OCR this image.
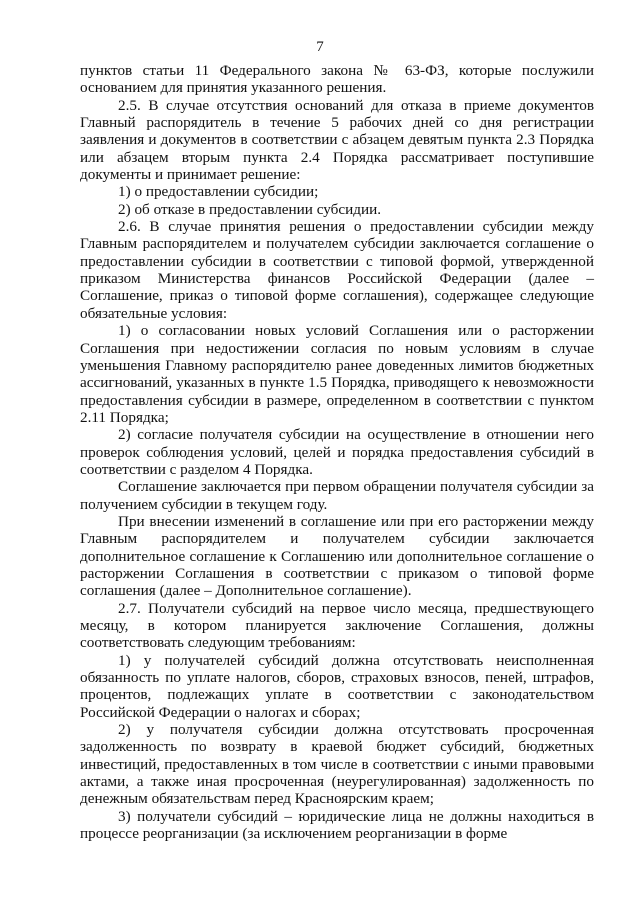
7

пунктов статьи 11 Федерального закона № 63-ФЗ, которые послужили основанием для принятия указанного решения.

2.5. В случае отсутствия оснований для отказа в приеме документов Главный распорядитель в течение 5 рабочих дней со дня регистрации заявления и документов в соответствии с абзацем девятым пункта 2.3 Порядка или абзацем вторым пункта 2.4 Порядка рассматривает поступившие документы и принимает решение:

1) о предоставлении субсидии;

2) об отказе в предоставлении субсидии.

2.6. В случае принятия решения о предоставлении субсидии между Главным распорядителем и получателем субсидии заключается соглашение о предоставлении субсидии в соответствии с типовой формой, утвержденной приказом Министерства финансов Российской Федерации (далее – Соглашение, приказ о типовой форме соглашения), содержащее следующие обязательные условия:

1) о согласовании новых условий Соглашения или о расторжении Соглашения при недостижении согласия по новым условиям в случае уменьшения Главному распорядителю ранее доведенных лимитов бюджетных ассигнований, указанных в пункте 1.5 Порядка, приводящего к невозможности предоставления субсидии в размере, определенном в соответствии с пунктом 2.11 Порядка;

2) согласие получателя субсидии на осуществление в отношении него проверок соблюдения условий, целей и порядка предоставления субсидий в соответствии с разделом 4 Порядка.

Соглашение заключается при первом обращении получателя субсидии за получением субсидии в текущем году.

При внесении изменений в соглашение или при его расторжении между Главным распорядителем и получателем субсидии заключается дополнительное соглашение к Соглашению или дополнительное соглашение о расторжении Соглашения в соответствии с приказом о типовой форме соглашения (далее – Дополнительное соглашение).

2.7. Получатели субсидий на первое число месяца, предшествующего месяцу, в котором планируется заключение Соглашения, должны соответствовать следующим требованиям:

1) у получателей субсидий должна отсутствовать неисполненная обязанность по уплате налогов, сборов, страховых взносов, пеней, штрафов, процентов, подлежащих уплате в соответствии с законодательством Российской Федерации о налогах и сборах;

2) у получателя субсидии должна отсутствовать просроченная задолженность по возврату в краевой бюджет субсидий, бюджетных инвестиций, предоставленных в том числе в соответствии с иными правовыми актами, а также иная просроченная (неурегулированная) задолженность по денежным обязательствам перед Красноярским краем;

3) получатели субсидий – юридические лица не должны находиться в процессе реорганизации (за исключением реорганизации в форме
